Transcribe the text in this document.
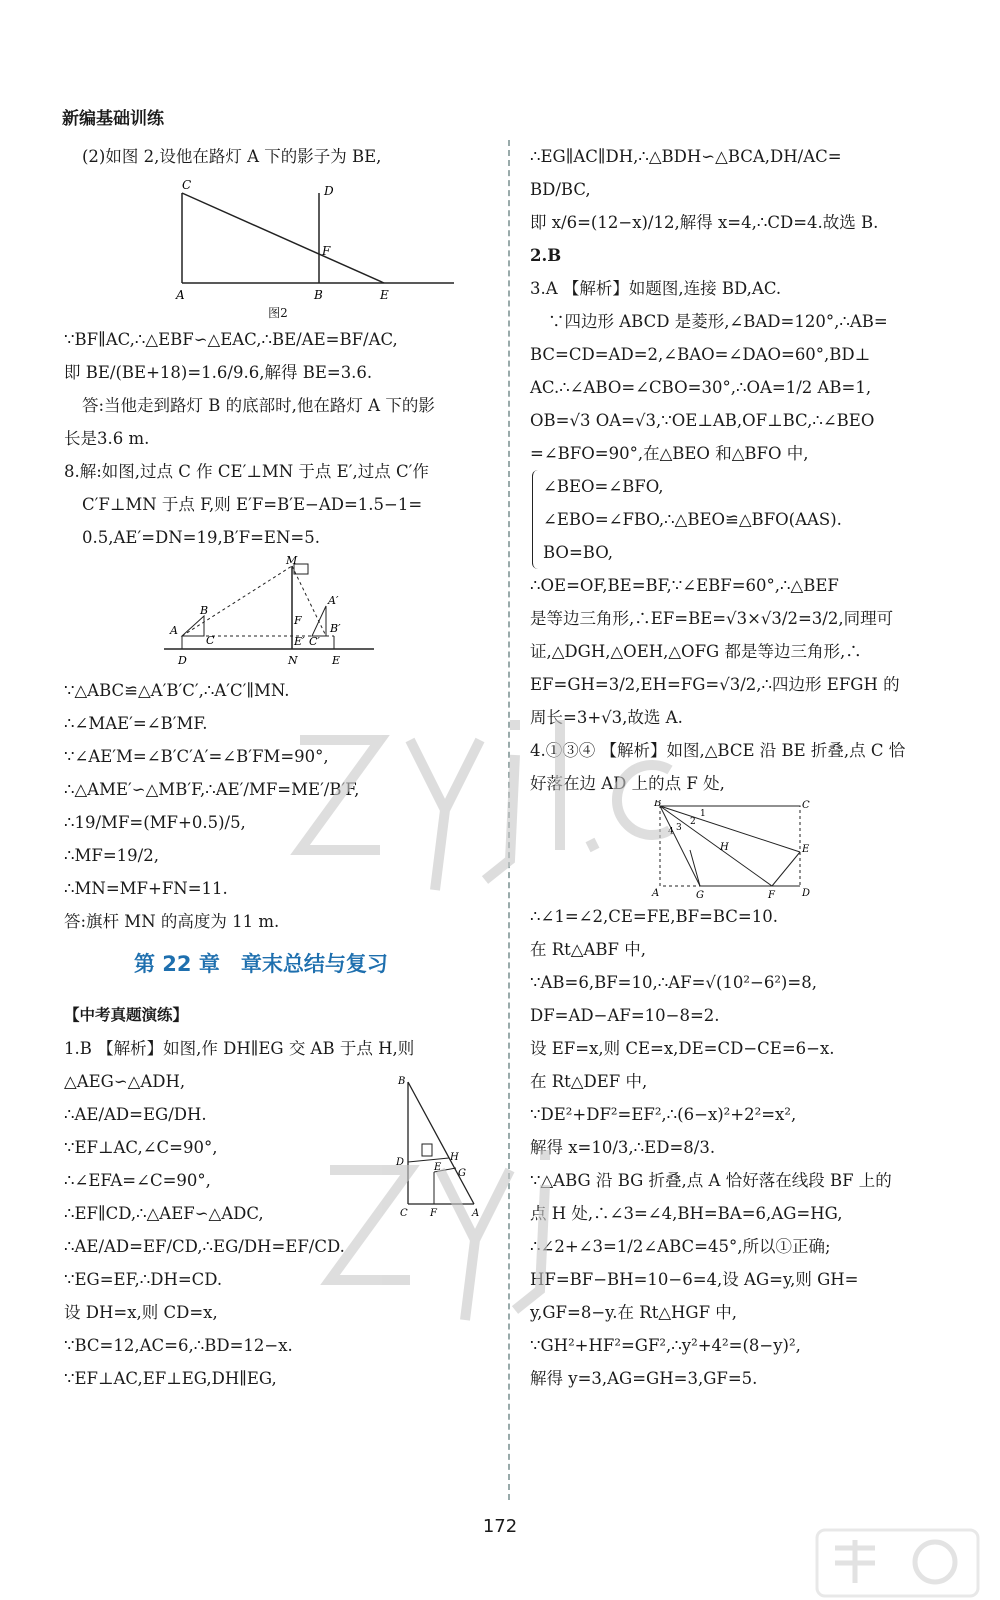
新编基础训练
(2)如图 2,设他在路灯 A 下的影子为 BE,
C	D
F
A	B	E
图2
∵BF∥AC,∴△EBF∽△EAC,∴BE/AE=BF/AC,
即 BE/(BE+18)=1.6/9.6,解得 BE=3.6.
答:当他走到路灯 B 的底部时,他在路灯 A 下的影
长是3.6 m.
8.解:如图,过点 C 作 CE′⊥MN 于点 E′,过点 C′作
C′F⊥MN 于点 F,则 E′F=B′E−AD=1.5−1=
0.5,AE′=DN=19,B′F=EN=5.
M
A′
B
F
A
C	E′ C′
B′
D	N	E
∵△ABC≌△A′B′C′,∴A′C′∥MN.
∴∠MAE′=∠B′MF.
∵∠AE′M=∠B′C′A′=∠B′FM=90°,
∴△AME′∽△MB′F,∴AE′/MF=ME′/B′F,
∴19/MF=(MF+0.5)/5,
∴MF=19/2,
∴MN=MF+FN=11.
答:旗杆 MN 的高度为 11 m.
第 22 章　章末总结与复习
【中考真题演练】
1.B 【解析】如图,作 DH∥EG 交 AB 于点 H,则
△AEG∽△ADH,
∴AE/AD=EG/DH.
∵EF⊥AC,∠C=90°,
∴∠EFA=∠C=90°,
∴EF∥CD,∴△AEF∽△ADC,
∴AE/AD=EF/CD,∴EG/DH=EF/CD.
∵EG=EF,∴DH=CD.
设 DH=x,则 CD=x,
∵BC=12,AC=6,∴BD=12−x.
∵EF⊥AC,EF⊥EG,DH∥EG,
B
D	H
E
G
C F	A
∴EG∥AC∥DH,∴△BDH∽△BCA,DH/AC=
BD/BC,
即 x/6=(12−x)/12,解得 x=4,∴CD=4.故选 B.
2.B
3.A 【解析】如题图,连接 BD,AC.
∵四边形 ABCD 是菱形,∠BAD=120°,∴AB=
BC=CD=AD=2,∠BAO=∠DAO=60°,BD⊥
AC.∴∠ABO=∠CBO=30°,∴OA=1/2 AB=1,
OB=√3 OA=√3,∵OE⊥AB,OF⊥BC,∴∠BEO
=∠BFO=90°,在△BEO 和△BFO 中,
∠BEO=∠BFO,
∠EBO=∠FBO,∴△BEO≌△BFO(AAS).
BO=BO,
∴OE=OF,BE=BF,∵∠EBF=60°,∴△BEF
是等边三角形,∴EF=BE=√3×√3/2=3/2,同理可
证,△DGH,△OEH,△OFG 都是等边三角形,∴
EF=GH=3/2,EH=FG=√3/2,∴四边形 EFGH 的
周长=3+√3,故选 A.
4.①③④ 【解析】如图,△BCE 沿 BE 折叠,点 C 恰
好落在边 AD 上的点 F 处,
B	C
1
2
3
4
H	E
A	G	F	D
∴∠1=∠2,CE=FE,BF=BC=10.
在 Rt△ABF 中,
∵AB=6,BF=10,∴AF=√(10²−6²)=8,
DF=AD−AF=10−8=2.
设 EF=x,则 CE=x,DE=CD−CE=6−x.
在 Rt△DEF 中,
∵DE²+DF²=EF²,∴(6−x)²+2²=x²,
解得 x=10/3,∴ED=8/3.
∵△ABG 沿 BG 折叠,点 A 恰好落在线段 BF 上的
点 H 处,∴∠3=∠4,BH=BA=6,AG=HG,
∴∠2+∠3=1/2∠ABC=45°,所以①正确;
HF=BF−BH=10−6=4,设 AG=y,则 GH=
y,GF=8−y.在 Rt△HGF 中,
∵GH²+HF²=GF²,∴y²+4²=(8−y)²,
解得 y=3,AG=GH=3,GF=5.
172
